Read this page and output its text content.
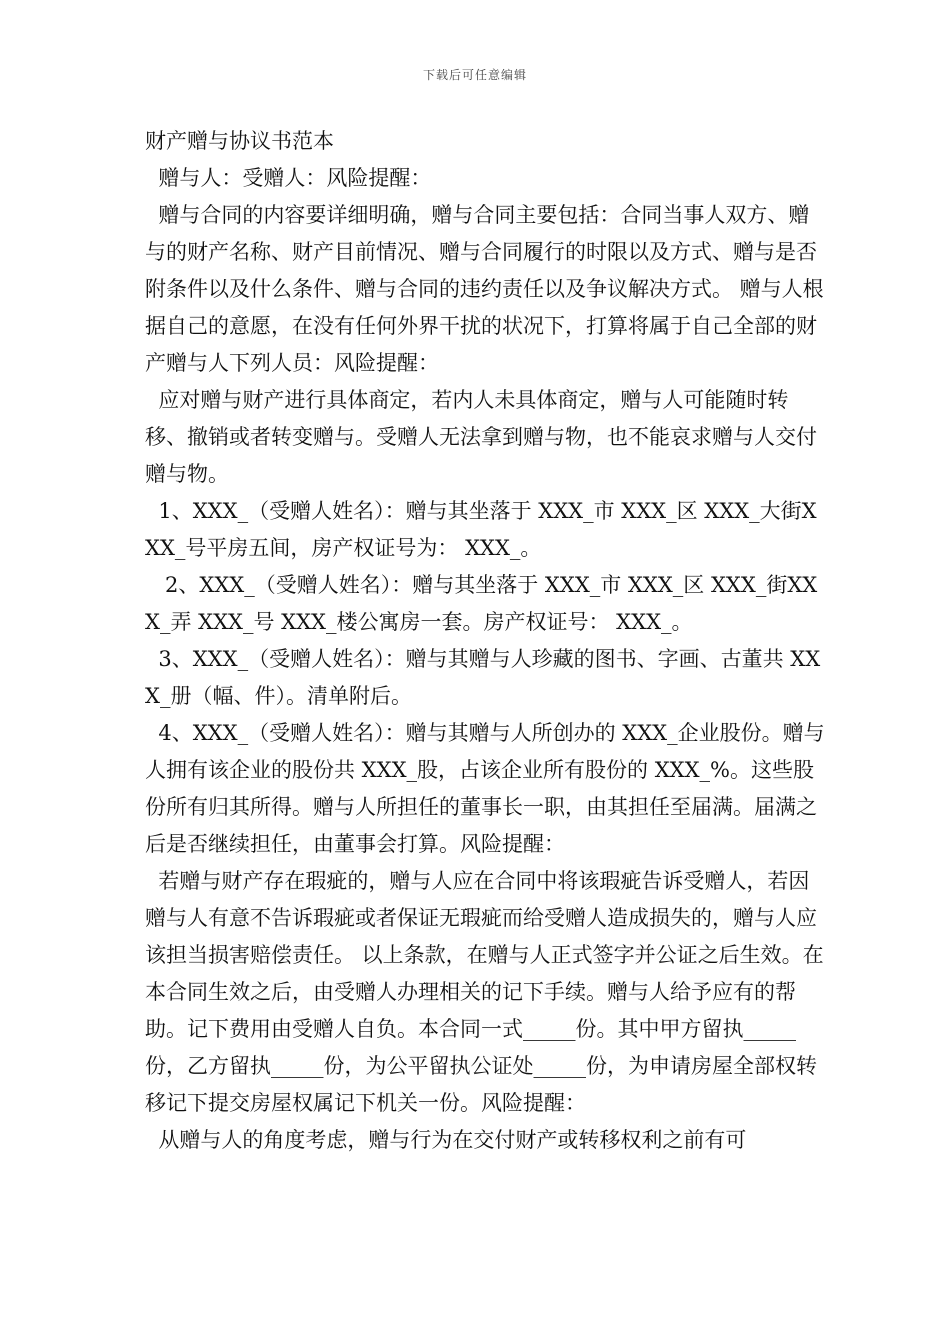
下载后可任意编辑

财产赠与协议书范本

赠与人：受赠人：风险提醒：

赠与合同的内容要详细明确，赠与合同主要包括：合同当事人双方、赠与的财产名称、财产目前情况、赠与合同履行的时限以及方式、赠与是否附条件以及什么条件、赠与合同的违约责任以及争议解决方式。 赠与人根据自己的意愿，在没有任何外界干扰的状况下，打算将属于自己全部的财产赠与人下列人员：风险提醒：

应对赠与财产进行具体商定，若内人未具体商定，赠与人可能随时转移、撤销或者转变赠与。受赠人无法拿到赠与物，也不能哀求赠与人交付赠与物。

1、XXX_（受赠人姓名）：赠与其坐落于 XXX_市 XXX_区 XXX_大街XXX_号平房五间，房产权证号为： XXX_。

2、XXX_（受赠人姓名）：赠与其坐落于 XXX_市 XXX_区 XXX_街XXX_弄 XXX_号 XXX_楼公寓房一套。房产权证号： XXX_。

3、XXX_（受赠人姓名）：赠与其赠与人珍藏的图书、字画、古董共 XXX_册（幅、件）。清单附后。

4、XXX_（受赠人姓名）：赠与其赠与人所创办的 XXX_企业股份。赠与人拥有该企业的股份共 XXX_股，占该企业所有股份的 XXX_%。这些股份所有归其所得。赠与人所担任的董事长一职，由其担任至届满。届满之后是否继续担任，由董事会打算。风险提醒：

若赠与财产存在瑕疵的，赠与人应在合同中将该瑕疵告诉受赠人，若因赠与人有意不告诉瑕疵或者保证无瑕疵而给受赠人造成损失的，赠与人应该担当损害赔偿责任。 以上条款，在赠与人正式签字并公证之后生效。在本合同生效之后，由受赠人办理相关的记下手续。赠与人给予应有的帮助。记下费用由受赠人自负。本合同一式_____份。其中甲方留执_____份，乙方留执_____份，为公平留执公证处_____份，为申请房屋全部权转移记下提交房屋权属记下机关一份。风险提醒：

从赠与人的角度考虑，赠与行为在交付财产或转移权利之前有可
